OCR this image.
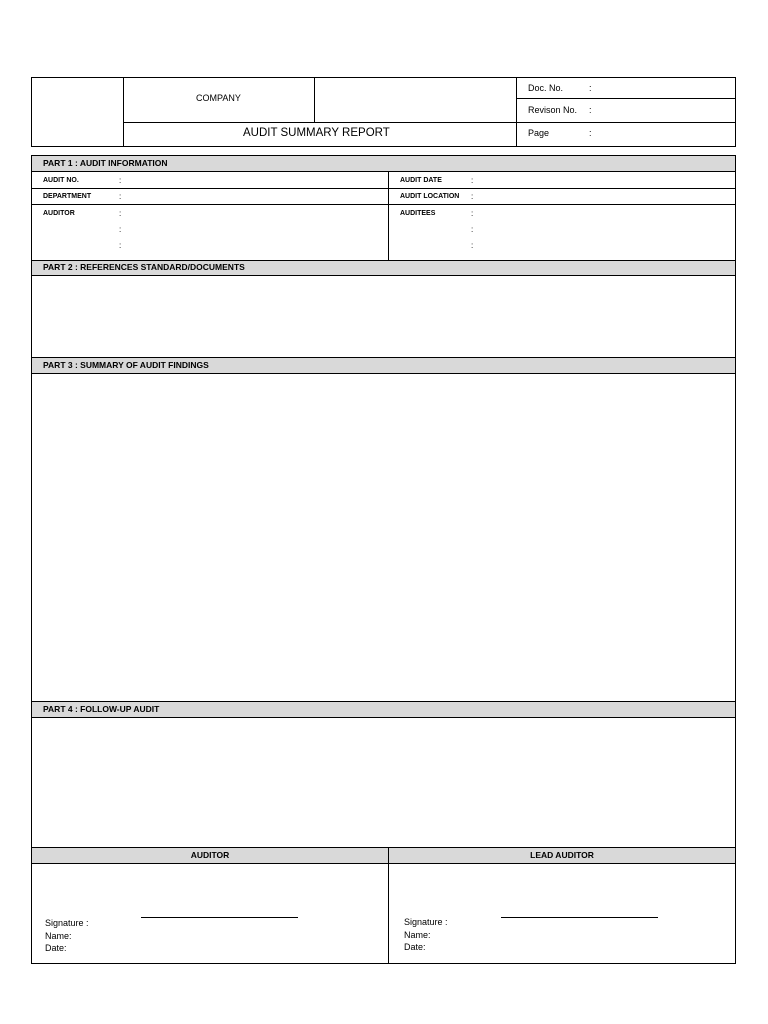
COMPANY
AUDIT SUMMARY REPORT
Doc. No.	:
Revison No. :
Page	:
PART 1 : AUDIT INFORMATION
AUDIT NO.	:
DEPARTMENT	:
AUDITOR	:
:
:
AUDIT DATE	:
AUDIT LOCATION :
AUDITEES	:
:
:
PART 2 : REFERENCES STANDARD/DOCUMENTS
PART 3 : SUMMARY OF AUDIT FINDINGS
PART 4 : FOLLOW-UP AUDIT
AUDITOR	LEAD AUDITOR
Signature :
Name:
Date:
Signature :
Name:
Date:
